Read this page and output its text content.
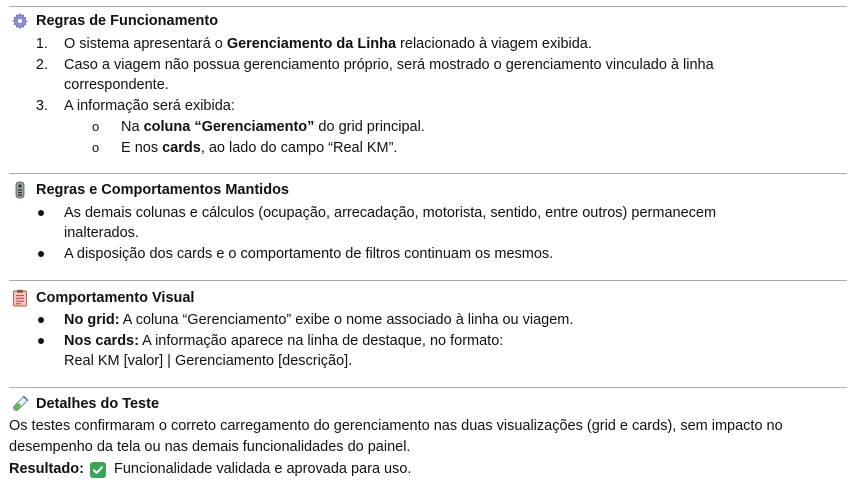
Regras de Funcionamento
1. O sistema apresentará o Gerenciamento da Linha relacionado à viagem exibida.
2. Caso a viagem não possua gerenciamento próprio, será mostrado o gerenciamento vinculado à linha
correspondente.
3. A informação será exibida:
o Na coluna “Gerenciamento” do grid principal.
o E nos cards, ao lado do campo “Real KM”.
Regras e Comportamentos Mantidos
As demais colunas e cálculos (ocupação, arrecadação, motorista, sentido, entre outros) permanecem
inalterados.
A disposição dos cards e o comportamento de filtros continuam os mesmos.
Comportamento Visual
No grid: A coluna “Gerenciamento” exibe o nome associado à linha ou viagem.
Nos cards: A informação aparece na linha de destaque, no formato:
Real KM [valor] | Gerenciamento [descrição].
Detalhes do Teste
Os testes confirmaram o correto carregamento do gerenciamento nas duas visualizações (grid e cards), sem impacto no
desempenho da tela ou nas demais funcionalidades do painel.
Resultado: Funcionalidade validada e aprovada para uso.
